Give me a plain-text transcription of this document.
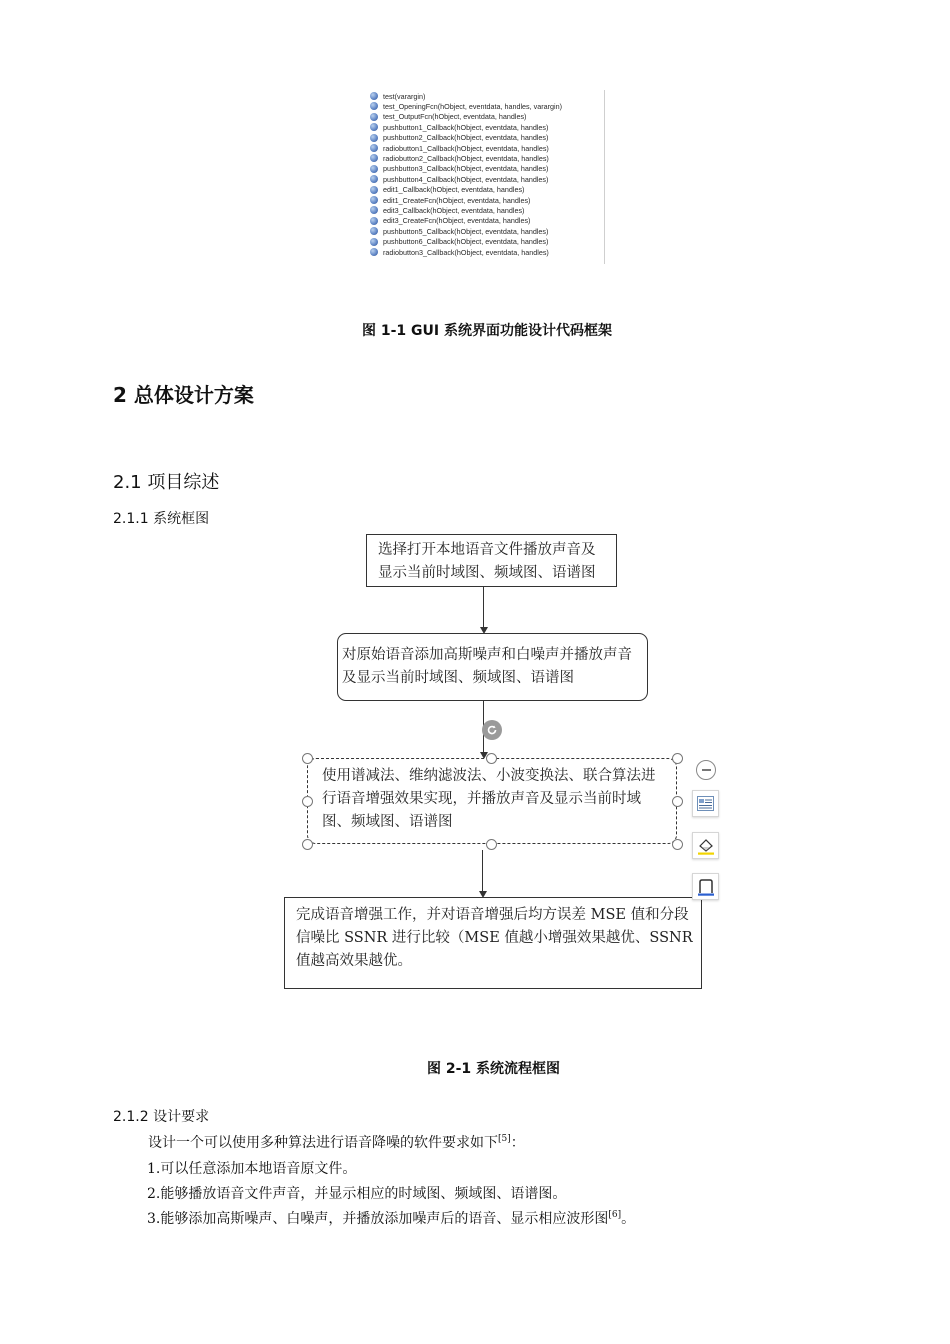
test(varargin)
test_OpeningFcn(hObject, eventdata, handles, varargin)
test_OutputFcn(hObject, eventdata, handles)
pushbutton1_Callback(hObject, eventdata, handles)
pushbutton2_Callback(hObject, eventdata, handles)
radiobutton1_Callback(hObject, eventdata, handles)
radiobutton2_Callback(hObject, eventdata, handles)
pushbutton3_Callback(hObject, eventdata, handles)
pushbutton4_Callback(hObject, eventdata, handles)
edit1_Callback(hObject, eventdata, handles)
edit1_CreateFcn(hObject, eventdata, handles)
edit3_Callback(hObject, eventdata, handles)
edit3_CreateFcn(hObject, eventdata, handles)
pushbutton5_Callback(hObject, eventdata, handles)
pushbutton6_Callback(hObject, eventdata, handles)
radiobutton3_Callback(hObject, eventdata, handles)
图 1-1 GUI 系统界面功能设计代码框架
2 总体设计方案
2.1 项目综述
2.1.1 系统框图
选择打开本地语音文件播放声音及
显示当前时域图、频域图、语谱图
对原始语音添加高斯噪声和白噪声并播放声音
及显示当前时域图、频域图、语谱图
使用谱减法、维纳滤波法、小波变换法、联合算法进
行语音增强效果实现，并播放声音及显示当前时域
图、频域图、语谱图
完成语音增强工作，并对语音增强后均方误差 MSE 值和分段
信噪比 SSNR 进行比较（MSE 值越小增强效果越优、SSNR
值越高效果越优。
图 2-1 系统流程框图
2.1.2 设计要求
设计一个可以使用多种算法进行语音降噪的软件要求如下[5]：
1.可以任意添加本地语音原文件。
2.能够播放语音文件声音，并显示相应的时域图、频域图、语谱图。
3.能够添加高斯噪声、白噪声，并播放添加噪声后的语音、显示相应波形图[6]。
